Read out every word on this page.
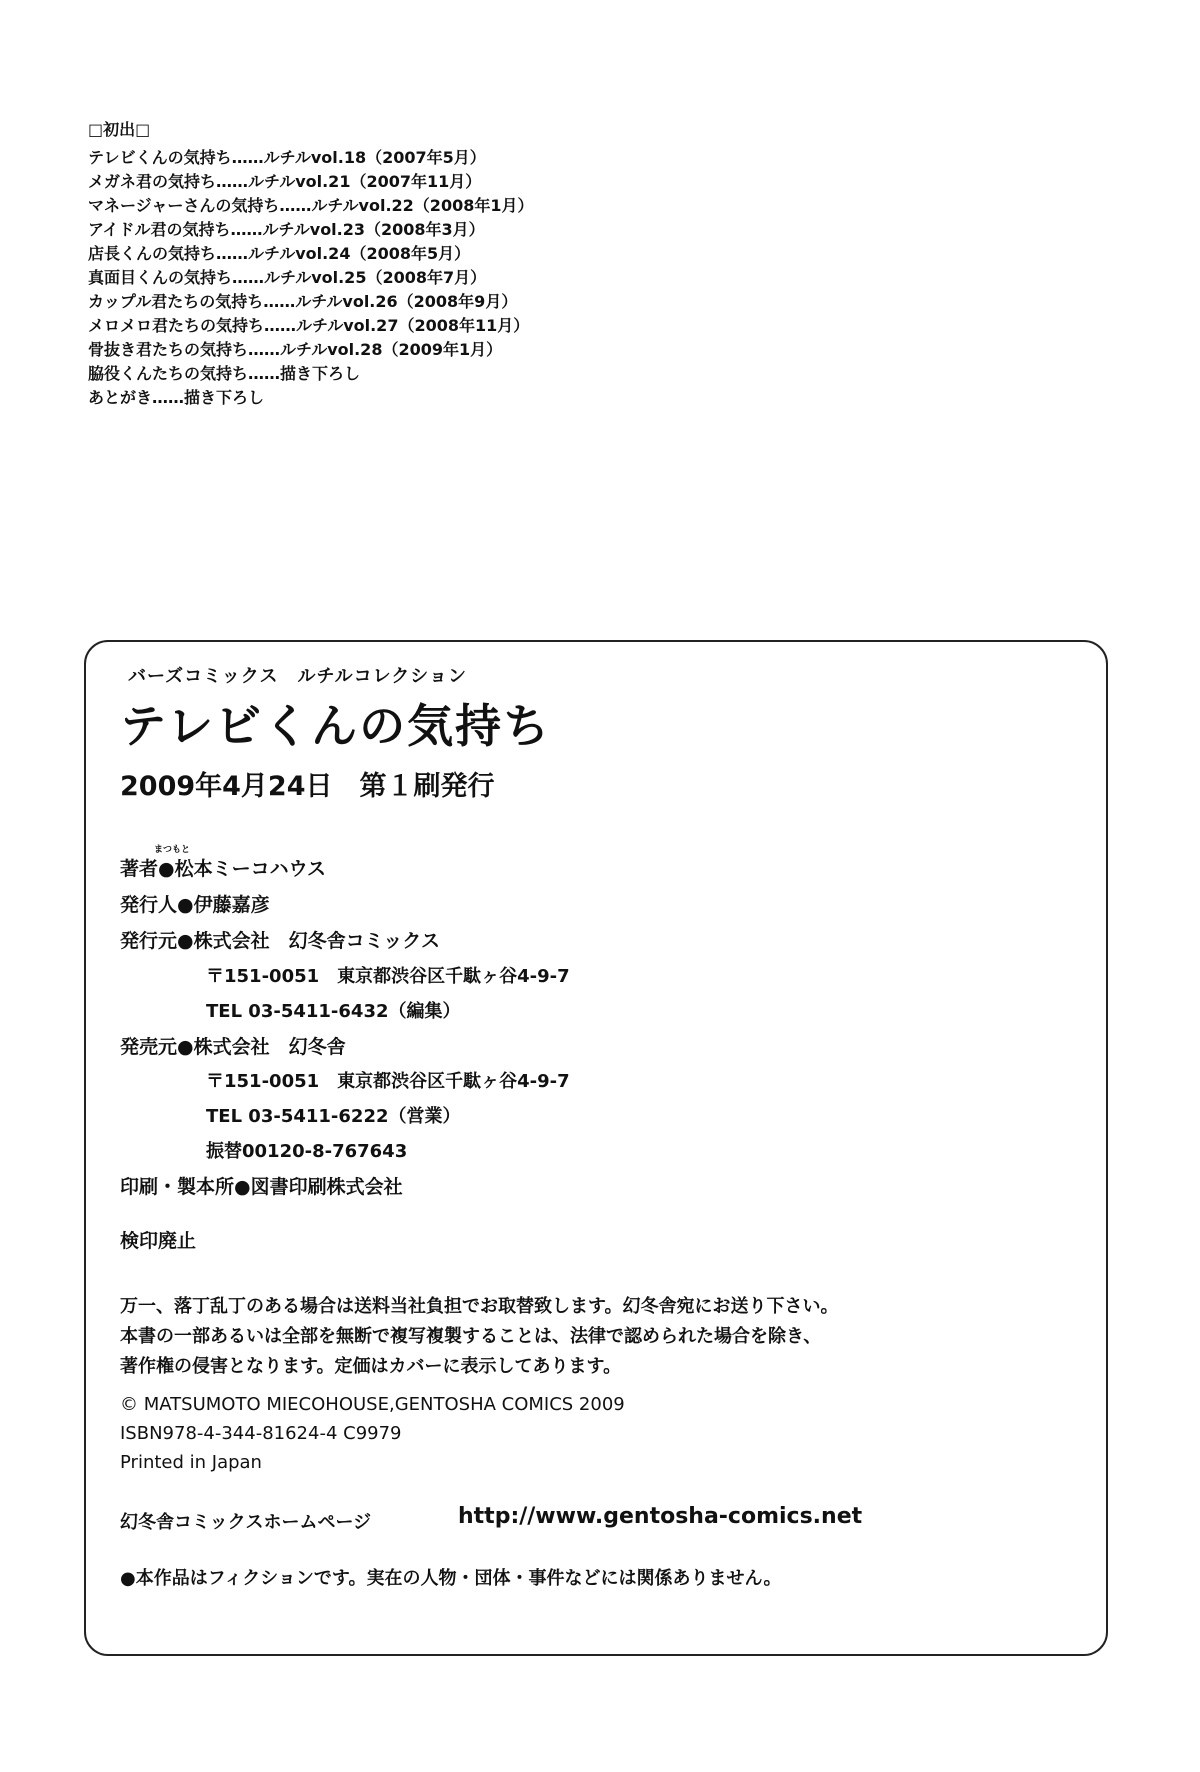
□初出□
テレビくんの気持ち……ルチルvol.18（2007年5月）
メガネ君の気持ち……ルチルvol.21（2007年11月）
マネージャーさんの気持ち……ルチルvol.22（2008年1月）
アイドル君の気持ち……ルチルvol.23（2008年3月）
店長くんの気持ち……ルチルvol.24（2008年5月）
真面目くんの気持ち……ルチルvol.25（2008年7月）
カップル君たちの気持ち……ルチルvol.26（2008年9月）
メロメロ君たちの気持ち……ルチルvol.27（2008年11月）
骨抜き君たちの気持ち……ルチルvol.28（2009年1月）
脇役くんたちの気持ち……描き下ろし
あとがき……描き下ろし
バーズコミックス　ルチルコレクション
テレビくんの気持ち
2009年4月24日　第１刷発行
まつもと
著者●松本ミーコハウス
発行人●伊藤嘉彦
発行元●株式会社　幻冬舎コミックス
〒151-0051　東京都渋谷区千駄ヶ谷4-9-7
TEL 03-5411-6432（編集）
発売元●株式会社　幻冬舎
〒151-0051　東京都渋谷区千駄ヶ谷4-9-7
TEL 03-5411-6222（営業）
振替00120-8-767643
印刷・製本所●図書印刷株式会社
検印廃止
万一、落丁乱丁のある場合は送料当社負担でお取替致します。幻冬舎宛にお送り下さい。
本書の一部あるいは全部を無断で複写複製することは、法律で認められた場合を除き、
著作権の侵害となります。定価はカバーに表示してあります。
© MATSUMOTO MIECOHOUSE,GENTOSHA COMICS 2009
ISBN978-4-344-81624-4 C9979
Printed in Japan
幻冬舎コミックスホームページ	http://www.gentosha-comics.net
●本作品はフィクションです。実在の人物・団体・事件などには関係ありません。
